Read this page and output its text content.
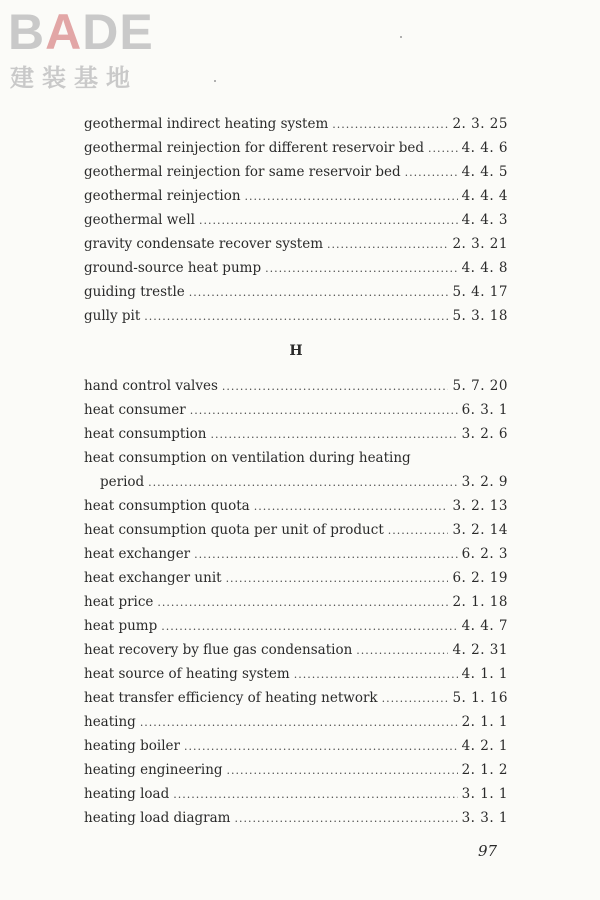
BADE
建装基地
geothermal indirect heating system .....	2. 3. 25
geothermal reinjection for different reservoir bed .....	4. 4. 6
geothermal reinjection for same reservoir bed .....	4. 4. 5
geothermal reinjection .....	4. 4. 4
geothermal well .....	4. 4. 3
gravity condensate recover system .....	2. 3. 21
ground-source heat pump .....	4. 4. 8
guiding trestle .....	5. 4. 17
gully pit .....	5. 3. 18
H
hand control valves .....	5. 7. 20
heat consumer .....	6. 3. 1
heat consumption .....	3. 2. 6
heat consumption on ventilation during heating
period .....	3. 2. 9
heat consumption quota .....	3. 2. 13
heat consumption quota per unit of product .....	3. 2. 14
heat exchanger .....	6. 2. 3
heat exchanger unit .....	6. 2. 19
heat price .....	2. 1. 18
heat pump .....	4. 4. 7
heat recovery by flue gas condensation .....	4. 2. 31
heat source of heating system .....	4. 1. 1
heat transfer efficiency of heating network .....	5. 1. 16
heating .....	2. 1. 1
heating boiler .....	4. 2. 1
heating engineering .....	2. 1. 2
heating load .....	3. 1. 1
heating load diagram .....	3. 3. 1
97
